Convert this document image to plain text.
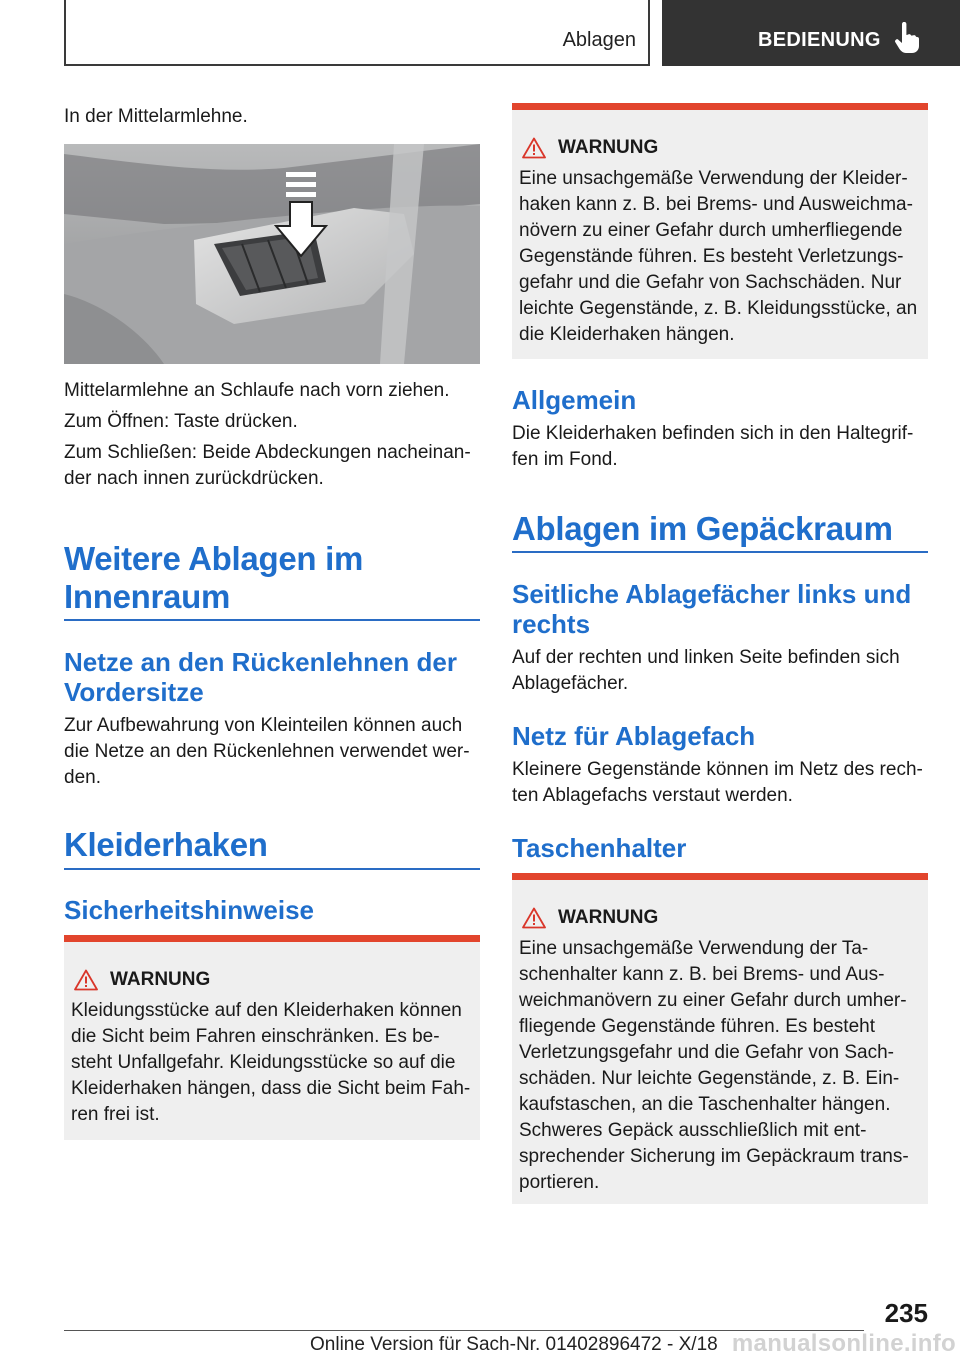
Ablagen	BEDIENUNG
In der Mittelarmlehne.
Mittelarmlehne an Schlaufe nach vorn ziehen.
Zum Öffnen: Taste drücken.
Zum Schließen: Beide Abdeckungen nacheinan-
der nach innen zurückdrücken.
Weitere Ablagen im
Innenraum
Netze an den Rückenlehnen der
Vordersitze
Zur Aufbewahrung von Kleinteilen können auch
die Netze an den Rückenlehnen verwendet wer-
den.
Kleiderhaken
Sicherheitshinweise
WARNUNG
Kleidungsstücke auf den Kleiderhaken können
die Sicht beim Fahren einschränken. Es be-
steht Unfallgefahr. Kleidungsstücke so auf die
Kleiderhaken hängen, dass die Sicht beim Fah-
ren frei ist.
WARNUNG
Eine unsachgemäße Verwendung der Kleider-
haken kann z. B. bei Brems- und Ausweichma-
növern zu einer Gefahr durch umherfliegende
Gegenstände führen. Es besteht Verletzungs-
gefahr und die Gefahr von Sachschäden. Nur
leichte Gegenstände, z. B. Kleidungsstücke, an
die Kleiderhaken hängen.
Allgemein
Die Kleiderhaken befinden sich in den Haltegrif-
fen im Fond.
Ablagen im Gepäckraum
Seitliche Ablagefächer links und
rechts
Auf der rechten und linken Seite befinden sich
Ablagefächer.
Netz für Ablagefach
Kleinere Gegenstände können im Netz des rech-
ten Ablagefachs verstaut werden.
Taschenhalter
WARNUNG
Eine unsachgemäße Verwendung der Ta-
schenhalter kann z. B. bei Brems- und Aus-
weichmanövern zu einer Gefahr durch umher-
fliegende Gegenstände führen. Es besteht
Verletzungsgefahr und die Gefahr von Sach-
schäden. Nur leichte Gegenstände, z. B. Ein-
kaufstaschen, an die Taschenhalter hängen.
Schweres Gepäck ausschließlich mit ent-
sprechender Sicherung im Gepäckraum trans-
portieren.
235
Online Version für Sach-Nr. 01402896472 - X/18 manualsonline.info
